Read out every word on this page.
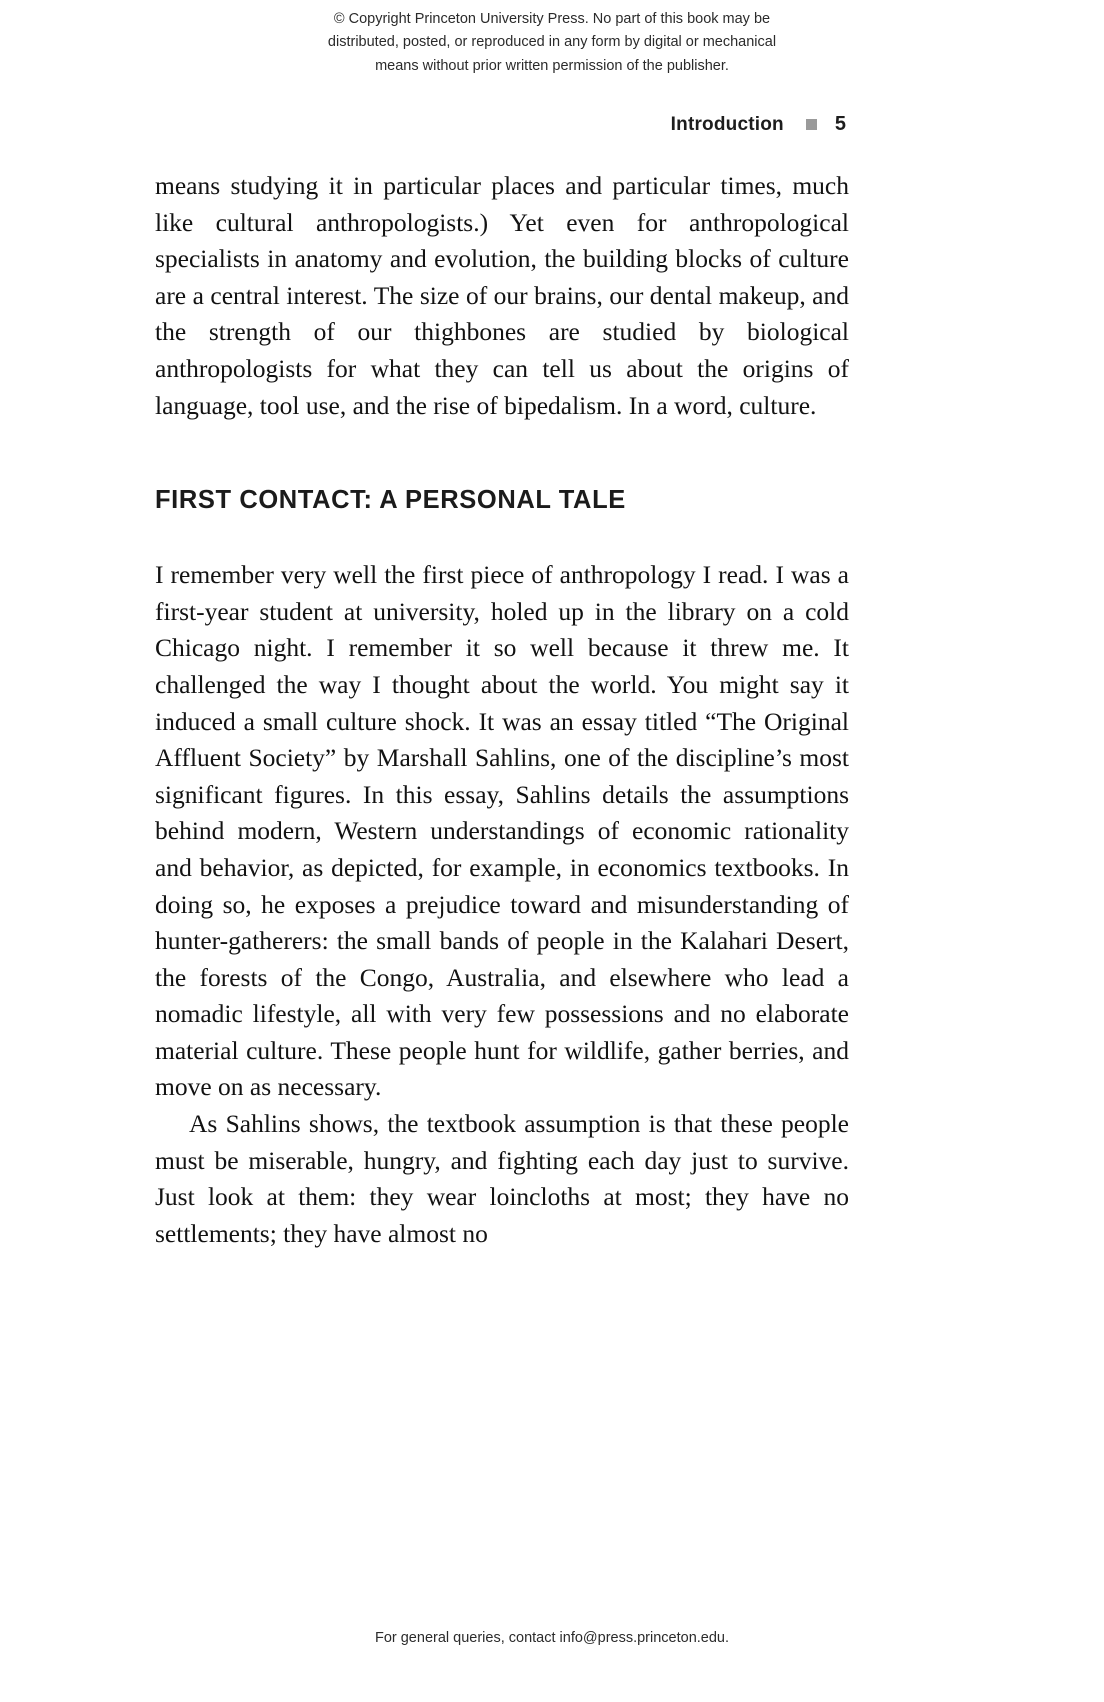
© Copyright Princeton University Press. No part of this book may be
distributed, posted, or reproduced in any form by digital or mechanical
means without prior written permission of the publisher.
Introduction	5

means studying it in particular places and particular times, much like cultural anthropologists.) Yet even for anthropological specialists in anatomy and evolution, the building blocks of culture are a central interest. The size of our brains, our dental makeup, and the strength of our thighbones are studied by biological anthropologists for what they can tell us about the origins of language, tool use, and the rise of bipedalism. In a word, culture.

FIRST CONTACT: A PERSONAL TALE

I remember very well the first piece of anthropology I read. I was a first-year student at university, holed up in the library on a cold Chicago night. I remember it so well because it threw me. It challenged the way I thought about the world. You might say it induced a small culture shock. It was an essay titled “The Original Affluent Society” by Marshall Sahlins, one of the discipline’s most significant figures. In this essay, Sahlins details the assumptions behind modern, Western understandings of economic rationality and behavior, as depicted, for example, in economics textbooks. In doing so, he exposes a prejudice toward and misunderstanding of hunter-gatherers: the small bands of people in the Kalahari Desert, the forests of the Congo, Australia, and elsewhere who lead a nomadic lifestyle, all with very few possessions and no elaborate material culture. These people hunt for wildlife, gather berries, and move on as necessary.

As Sahlins shows, the textbook assumption is that these people must be miserable, hungry, and fighting each day just to survive. Just look at them: they wear loincloths at most; they have no settlements; they have almost no

For general queries, contact info@press.princeton.edu.
